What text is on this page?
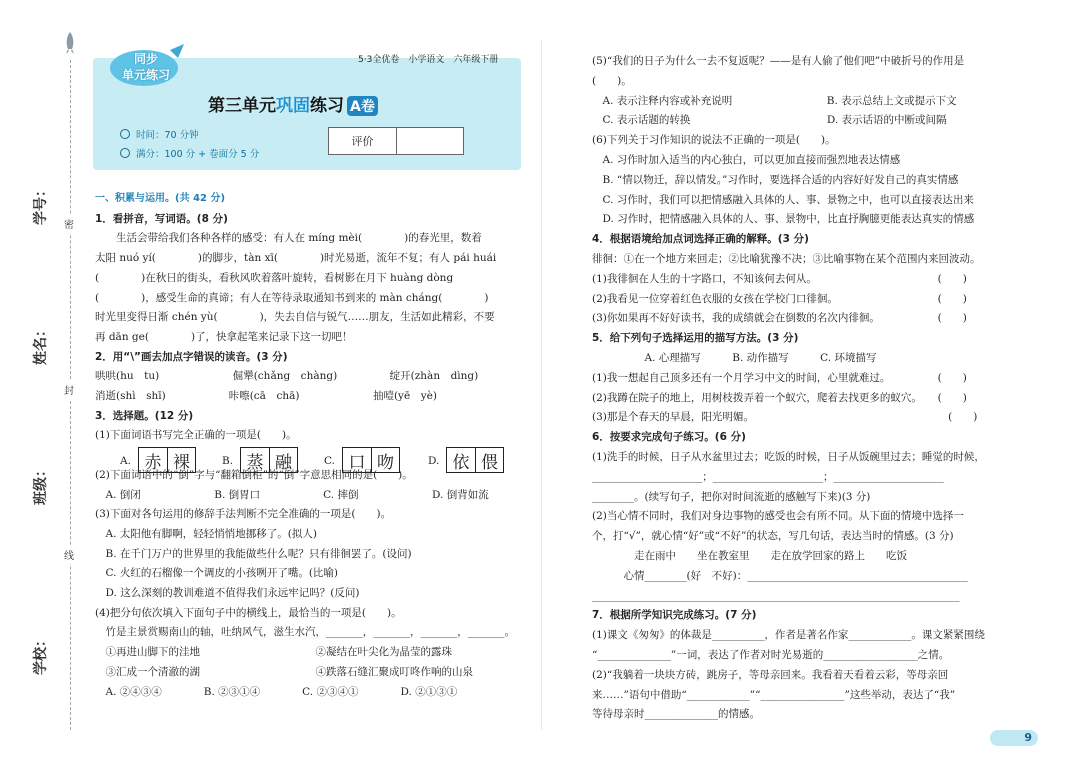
学号：
姓名：
班级：
学校：
密
封
线
同步
单元练习
5·3全优卷　小学语文　六年级下册
第三单元巩固练习 A卷
时间：70 分钟
满分：100 分 + 卷面分 5 分
评价
一、积累与运用。(共 42 分)
1．看拼音，写词语。(8 分)
　　生活会带给我们各种各样的感受：有人在 míng mèi(　　　　)的春光里，数着
太阳 nuó yí(　　　　)的脚步，tàn xī(　　　　)时光易逝，流年不复；有人 pái huái
(　　　　)在秋日的街头，看秋风吹着落叶旋转，看树影在月下 huàng dòng
(　　　　)，感受生命的真谛；有人在等待录取通知书到来的 màn cháng(　　　　)
时光里变得日渐 chén yù(　　　　)，失去自信与锐气……朋友，生活如此精彩，不要
再 dān ge(　　　　)了，快拿起笔来记录下这一切吧！
2．用“\”画去加点字错误的读音。(3 分)
哄哄(hu　tu)　　　　　　　倔犟(chǎng　chàng)　　　　　绽开(zhàn　dìng)
消逝(shì　shī)　　　　　　咔嚓(cā　chā)　　　　　　　抽噎(yē　yè)
3．选择题。(12 分)
(1)下面词语书写完全正确的一项是(　　)。
A. 赤 裸	B. 蒸 融	C. 口 吻	D. 依 偎
(2)下面词语中的“倒”字与“翻箱倒柜”的“倒”字意思相同的是(　　)。
　A. 倒闭　　　　　　　B. 倒胃口　　　　　　C. 摔倒　　　　　　　D. 倒背如流
(3)下面对各句运用的修辞手法判断不完全准确的一项是(　　)。
　A. 太阳他有脚啊，轻轻悄悄地挪移了。(拟人)
　B. 在千门万户的世界里的我能做些什么呢？只有徘徊罢了。(设问)
　C. 火红的石榴像一个调皮的小孩咧开了嘴。(比喻)
　D. 这么深刻的教训难道不值得我们永远牢记吗？(反问)
(4)把分句依次填入下面句子中的横线上，最恰当的一项是(　　)。
　竹是主景赏赐南山的轴，吐纳风气，滋生水汽，_______，_______，_______，_______。
　①再进山脚下的洼地　　　　　　　　　　　②凝结在叶尖化为晶莹的露珠
　③汇成一个清澈的湖　　　　　　　　　　　④跌落石缝汇聚成叮咚作响的山泉
　A. ②④③④　　　　B. ②③①④　　　　C. ②③④①　　　　D. ②①③①
(5)“我们的日子为什么一去不复返呢？——是有人偷了他们吧”中破折号的作用是
(　　)。
　A. 表示注释内容或补充说明　　　　　　　　　B. 表示总结上文或提示下文
　C. 表示话题的转换　　　　　　　　　　　　　D. 表示话语的中断或间隔
(6)下列关于习作知识的说法不正确的一项是(　　)。
　A. 习作时加入适当的内心独白，可以更加直接而强烈地表达情感
　B. “情以物迁，辞以情发。”习作时，要选择合适的内容好好发自己的真实情感
　C. 习作时，我们可以把情感融入具体的人、事、景物之中，也可以直接表达出来
　D. 习作时，把情感融入具体的人、事、景物中，比直抒胸臆更能表达真实的情感
4．根据语境给加点词选择正确的解释。(3 分)
徘徊：①在一个地方来回走；②比喻犹豫不决；③比喻事物在某个范围内来回波动。
(1)我徘徊在人生的十字路口，不知该何去何从。　　　　　　　　　　　　(　　)
(2)我看见一位穿着红色衣服的女孩在学校门口徘徊。　　　　　　　　　　(　　)
(3)你如果再不好好读书，我的成绩就会在倒数的名次内徘徊。　　　　　　(　　)
5．给下列句子选择运用的描写方法。(3 分)
　　　　　A. 心理描写　　　B. 动作描写　　　C. 环境描写
(1)我一想起自己顶多还有一个月学习中文的时间，心里就难过。　　　　　(　　)
(2)我蹲在院子的地上，用树枝拨弄着一个蚁穴，爬着去找更多的蚁穴。　　(　　)
(3)那是个春天的早晨，阳光明媚。　　　　　　　　　　　　　　　　　　　(　　)
6．按要求完成句子练习。(6 分)
(1)洗手的时候，日子从水盆里过去；吃饭的时候，日子从饭碗里过去；睡觉的时候，
_____________________；_____________________；_____________________
________。(续写句子，把你对时间流逝的感触写下来)(3 分)
(2)当心情不同时，我们对身边事物的感受也会有所不同。从下面的情境中选择一
个，打“√”，就心情“好”或“不好”的状态，写几句话，表达当时的情感。(3 分)
　　　　走在雨中　　坐在教室里　　走在放学回家的路上　　吃饭
　　　心情________(好　不好)：__________________________________________
______________________________________________________________________
7．根据所学知识完成练习。(7 分)
(1)课文《匆匆》的体裁是__________，作者是著名作家____________。课文紧紧围绕
“______________”一词，表达了作者对时光易逝的__________________之情。
(2)“我躺着一块块方砖，跳房子，等母亲回来。我看着天看着云彩，等母亲回
来……”语句中借助“____________”“________________”这些举动，表达了“我”
等待母亲时______________的情感。
9
